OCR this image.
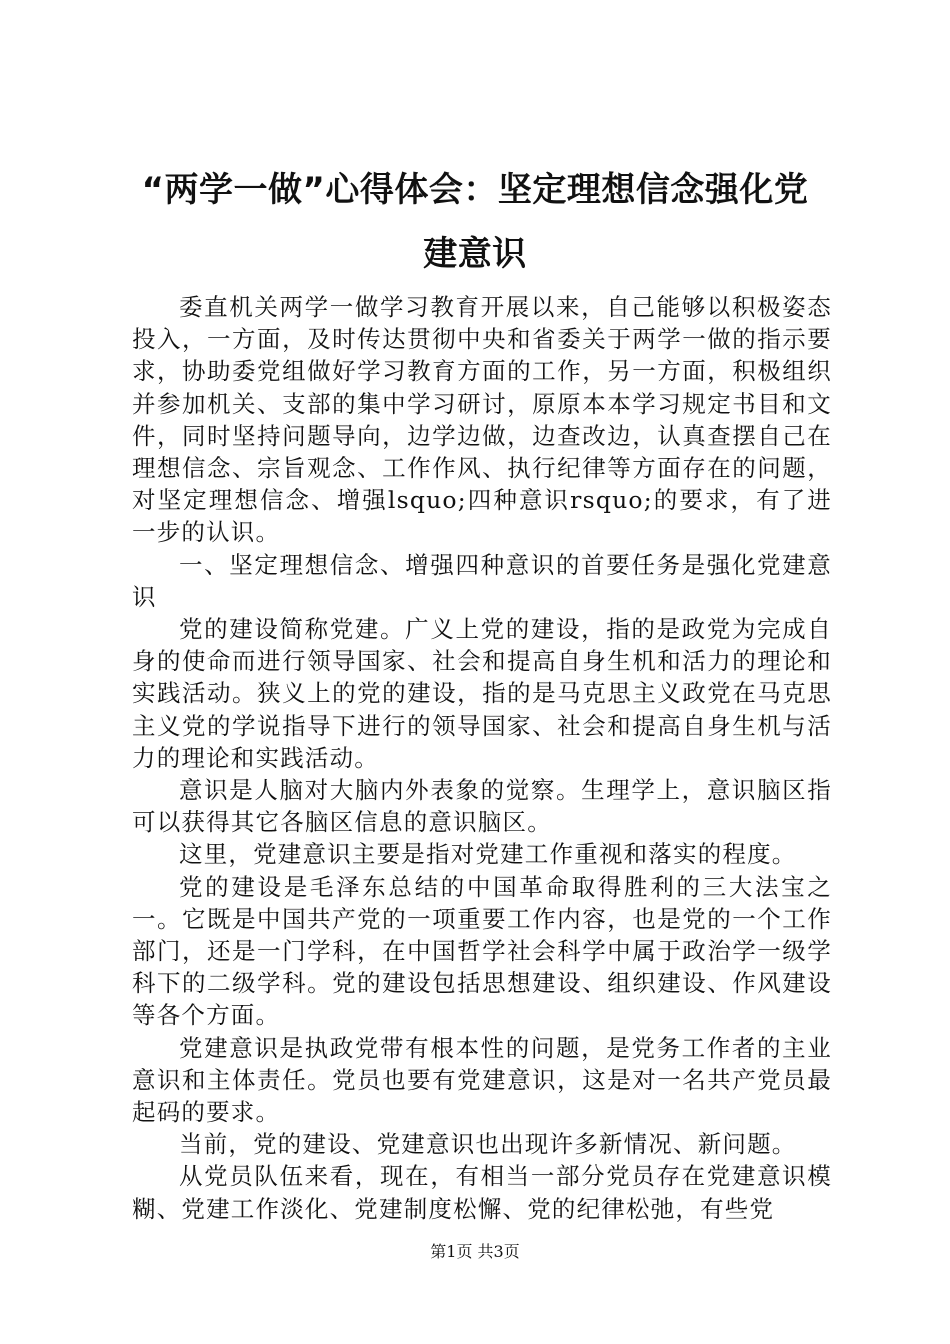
“两学一做”心得体会：坚定理想信念强化党
建意识

委直机关两学一做学习教育开展以来，自己能够以积极姿态投入，一方面，及时传达贯彻中央和省委关于两学一做的指示要求，协助委党组做好学习教育方面的工作，另一方面，积极组织并参加机关、支部的集中学习研讨，原原本本学习规定书目和文件，同时坚持问题导向，边学边做，边查改边，认真查摆自己在理想信念、宗旨观念、工作作风、执行纪律等方面存在的问题，对坚定理想信念、增强lsquo;四种意识rsquo;的要求，有了进一步的认识。

一、坚定理想信念、增强四种意识的首要任务是强化党建意识

党的建设简称党建。广义上党的建设，指的是政党为完成自身的使命而进行领导国家、社会和提高自身生机和活力的理论和实践活动。狭义上的党的建设，指的是马克思主义政党在马克思主义党的学说指导下进行的领导国家、社会和提高自身生机与活力的理论和实践活动。

意识是人脑对大脑内外表象的觉察。生理学上，意识脑区指可以获得其它各脑区信息的意识脑区。

这里，党建意识主要是指对党建工作重视和落实的程度。

党的建设是毛泽东总结的中国革命取得胜利的三大法宝之一。它既是中国共产党的一项重要工作内容，也是党的一个工作部门，还是一门学科，在中国哲学社会科学中属于政治学一级学科下的二级学科。党的建设包括思想建设、组织建设、作风建设等各个方面。

党建意识是执政党带有根本性的问题，是党务工作者的主业意识和主体责任。党员也要有党建意识，这是对一名共产党员最起码的要求。

当前，党的建设、党建意识也出现许多新情况、新问题。

从党员队伍来看，现在，有相当一部分党员存在党建意识模糊、党建工作淡化、党建制度松懈、党的纪律松弛，有些党

第1页 共3页
